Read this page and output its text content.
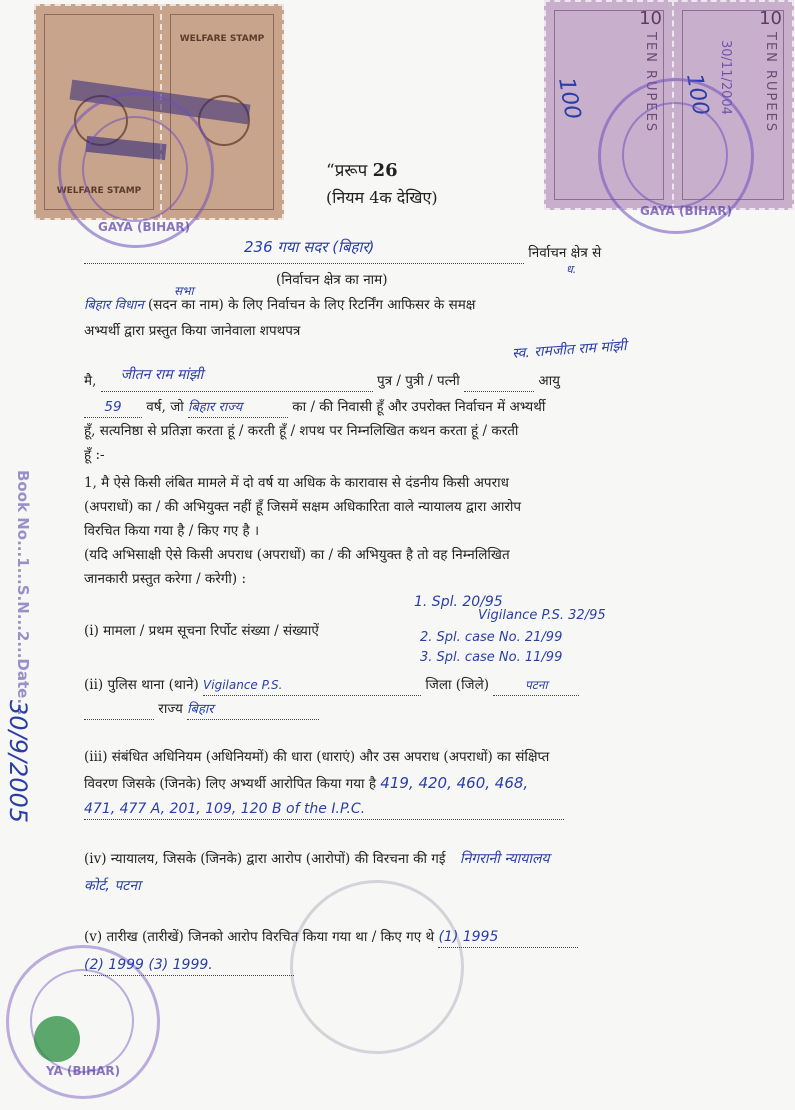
WELFARE STAMP
WELFARE STAMP	TEN RUPEES
10
TEN RUPEES
10
100	100 30/11/2004
GAYA (BIHAR)
GAYA (BIHAR)
YA (BIHAR)
“प्ररूप 26
(नियम 4क देखिए)
236 गया सदर (बिहार)	निर्वाचन क्षेत्र से
(निर्वाचन क्षेत्र का नाम)
ध.
सभा
बिहार विधान (सदन का नाम) के लिए निर्वाचन के लिए रिटर्निंग आफिसर के समक्ष
अभ्यर्थी द्वारा प्रस्तुत किया जानेवाला शपथपत्र
स्व. रामजीत राम मांझी
मै, जीतन राम मांझी	पुत्र / पुत्री / पत्नी	आयु
59 वर्ष, जो बिहार राज्य	का / की निवासी हूँ और उपरोक्त निर्वाचन में अभ्यर्थी
हूँ, सत्यनिष्ठा से प्रतिज्ञा करता हूं / करती हूँ / शपथ पर निम्नलिखित कथन करता हूं / करती
हूँ :-
1, मै ऐसे किसी लंबित मामले में दो वर्ष या अधिक के कारावास से दंडनीय किसी अपराध
(अपराधों) का / की अभियुक्त नहीं हूँ जिसमें सक्षम अधिकारिता वाले न्यायालय द्वारा आरोप
विरचित किया गया है / किए गए है ।
(यदि अभिसाक्षी ऐसे किसी अपराध (अपराधों) का / की अभियुक्त है तो वह निम्नलिखित
जानकारी प्रस्तुत करेगा / करेगी) :
1. Spl. 20/95
Vigilance P.S. 32/95
(i) मामला / प्रथम सूचना रिर्पोट संख्या / संख्याऐं	2. Spl. case No. 21/99
3. Spl. case No. 11/99
(ii) पुलिस थाना (थाने) Vigilance P.S.	जिला (जिले)	पटना
राज्य बिहार
(iii) संबंधित अधिनियम (अधिनियमों) की धारा (धाराएं) और उस अपराध (अपराधों) का संक्षिप्त
विवरण जिसके (जिनके) लिए अभ्यर्थी आरोपित किया गया है 419, 420, 460, 468,
471, 477 A, 201, 109, 120 B of the I.P.C.
(iv) न्यायालय, जिसके (जिनके) द्वारा आरोप (आरोपों) की विरचना की गई निगरानी न्यायालय
कोर्ट, पटना
(v) तारीख (तारीखें) जिनको आरोप विरचित किया गया था / किए गए थे (1) 1995
(2) 1999 (3) 1999.
Book No...1...S.N...2...Date...
30/9/2005
